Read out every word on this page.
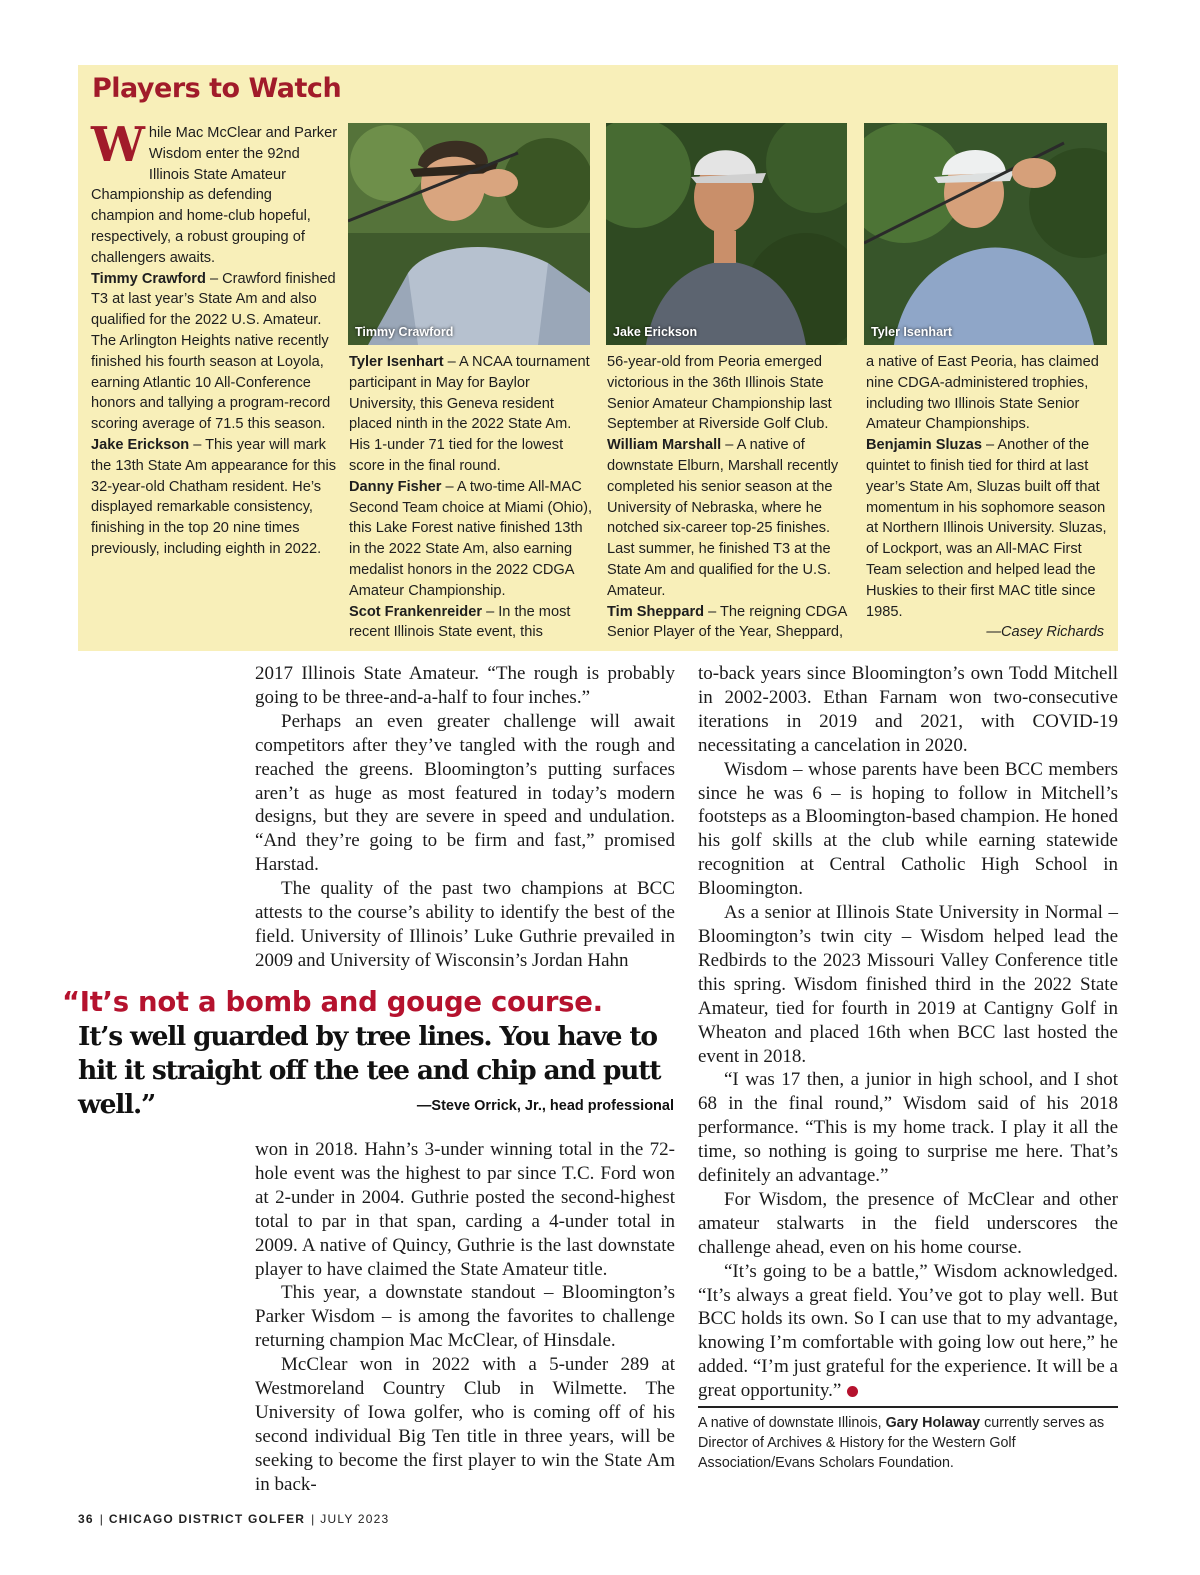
Players to Watch

While Mac McClear and Parker Wisdom enter the 92nd Illinois State Amateur Championship as defending champion and home-club hopeful, respectively, a robust grouping of challengers awaits.

Timmy Crawford – Crawford finished T3 at last year’s State Am and also qualified for the 2022 U.S. Amateur. The Arlington Heights native recently finished his fourth season at Loyola, earning Atlantic 10 All-Conference honors and tallying a program-record scoring average of 71.5 this season.

Jake Erickson – This year will mark the 13th State Am appearance for this 32-year-old Chatham resident. He’s displayed remarkable consistency, finishing in the top 20 nine times previously, including eighth in 2022.

Timmy Crawford	Jake Erickson	Tyler Isenhart

Tyler Isenhart – A NCAA tournament participant in May for Baylor University, this Geneva resident placed ninth in the 2022 State Am. His 1-under 71 tied for the lowest score in the final round.

Danny Fisher – A two-time All-MAC Second Team choice at Miami (Ohio), this Lake Forest native finished 13th in the 2022 State Am, also earning medalist honors in the 2022 CDGA Amateur Championship.

Scot Frankenreider – In the most recent Illinois State event, this

56-year-old from Peoria emerged victorious in the 36th Illinois State Senior Amateur Championship last September at Riverside Golf Club.

William Marshall – A native of downstate Elburn, Marshall recently completed his senior season at the University of Nebraska, where he notched six-career top-25 finishes. Last summer, he finished T3 at the State Am and qualified for the U.S. Amateur.

Tim Sheppard – The reigning CDGA Senior Player of the Year, Sheppard,

a native of East Peoria, has claimed nine CDGA-administered trophies, including two Illinois State Senior Amateur Championships.

Benjamin Sluzas – Another of the quintet to finish tied for third at last year’s State Am, Sluzas built off that momentum in his sophomore season at Northern Illinois University. Sluzas, of Lockport, was an All-MAC First Team selection and helped lead the Huskies to their first MAC title since 1985.

—Casey Richards

2017 Illinois State Amateur. “The rough is probably going to be three-and-a-half to four inches.”

Perhaps an even greater challenge will await competitors after they’ve tangled with the rough and reached the greens. Bloomington’s putting surfaces aren’t as huge as most featured in today’s modern designs, but they are severe in speed and undulation. “And they’re going to be firm and fast,” promised Harstad.

The quality of the past two champions at BCC attests to the course’s ability to identify the best of the field. University of Illinois’ Luke Guthrie prevailed in 2009 and University of Wisconsin’s Jordan Hahn

“It’s not a bomb and gouge course.
It’s well guarded by tree lines. You have to hit it straight off the tee and chip and putt well.”	—Steve Orrick, Jr., head professional

won in 2018. Hahn’s 3-under winning total in the 72-hole event was the highest to par since T.C. Ford won at 2-under in 2004. Guthrie posted the second-highest total to par in that span, carding a 4-under total in 2009. A native of Quincy, Guthrie is the last downstate player to have claimed the State Amateur title.

This year, a downstate standout – Bloomington’s Parker Wisdom – is among the favorites to challenge returning champion Mac McClear, of Hinsdale.

McClear won in 2022 with a 5-under 289 at Westmoreland Country Club in Wilmette. The University of Iowa golfer, who is coming off of his second individual Big Ten title in three years, will be seeking to become the first player to win the State Am in back-

to-back years since Bloomington’s own Todd Mitchell in 2002-2003. Ethan Farnam won two-consecutive iterations in 2019 and 2021, with COVID-19 necessitating a cancelation in 2020.

Wisdom – whose parents have been BCC members since he was 6 – is hoping to follow in Mitchell’s footsteps as a Bloomington-based champion. He honed his golf skills at the club while earning statewide recognition at Central Catholic High School in Bloomington.

As a senior at Illinois State University in Normal – Bloomington’s twin city – Wisdom helped lead the Redbirds to the 2023 Missouri Valley Conference title this spring. Wisdom finished third in the 2022 State Amateur, tied for fourth in 2019 at Cantigny Golf in Wheaton and placed 16th when BCC last hosted the event in 2018.

“I was 17 then, a junior in high school, and I shot 68 in the final round,” Wisdom said of his 2018 performance. “This is my home track. I play it all the time, so nothing is going to surprise me here. That’s definitely an advantage.”

For Wisdom, the presence of McClear and other amateur stalwarts in the field underscores the challenge ahead, even on his home course.

“It’s going to be a battle,” Wisdom acknowledged. “It’s always a great field. You’ve got to play well. But BCC holds its own. So I can use that to my advantage, knowing I’m comfortable with going low out here,” he added. “I’m just grateful for the experience. It will be a great opportunity.”

A native of downstate Illinois, Gary Holaway currently serves as Director of Archives & History for the Western Golf Association/Evans Scholars Foundation.
36 | CHICAGO DISTRICT GOLFER | JULY 2023
